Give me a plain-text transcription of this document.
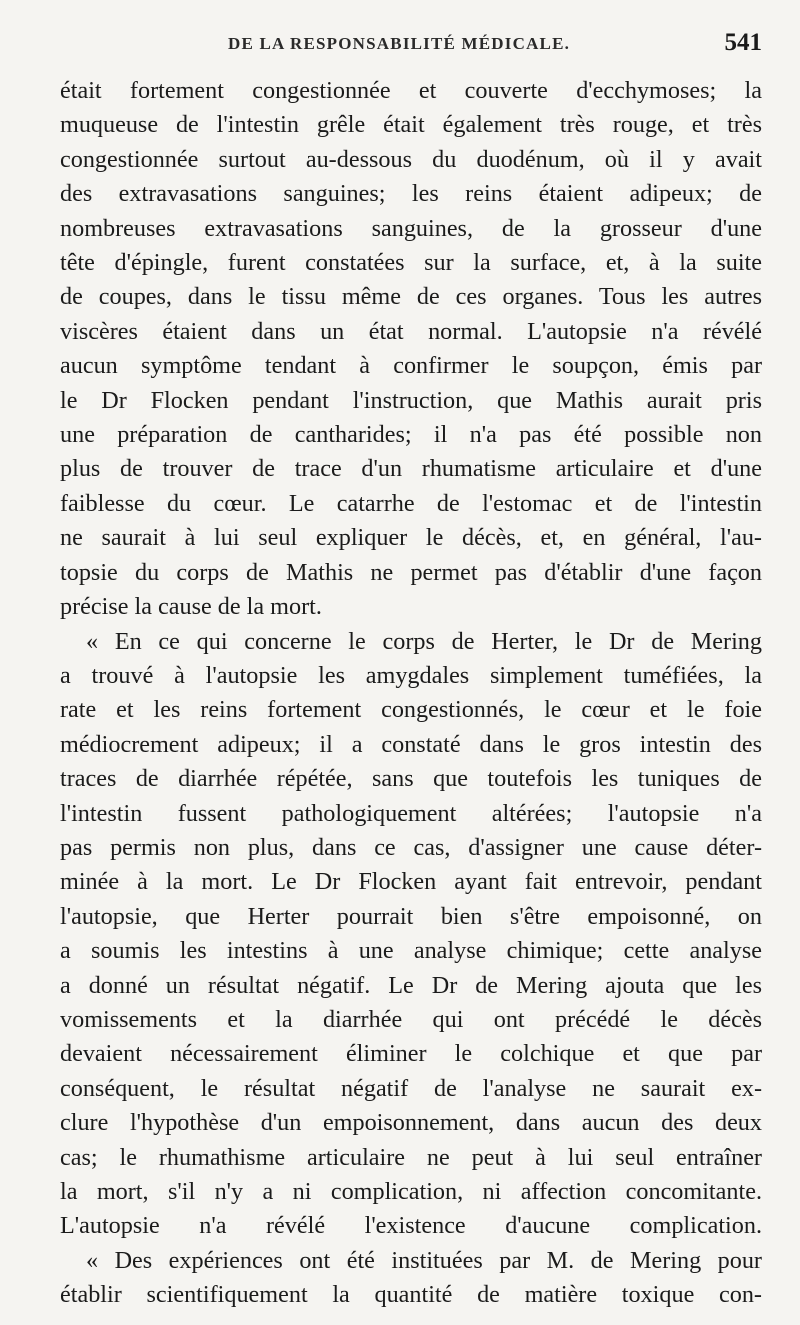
DE LA RESPONSABILITÉ MÉDICALE.	541
était fortement congestionnée et couverte d'ecchymoses; la
muqueuse de l'intestin grêle était également très rouge, et très
congestionnée surtout au-dessous du duodénum, où il y avait
des extravasations sanguines; les reins étaient adipeux; de
nombreuses extravasations sanguines, de la grosseur d'une
tête d'épingle, furent constatées sur la surface, et, à la suite
de coupes, dans le tissu même de ces organes. Tous les autres
viscères étaient dans un état normal. L'autopsie n'a révélé
aucun symptôme tendant à confirmer le soupçon, émis par
le Dr Flocken pendant l'instruction, que Mathis aurait pris
une préparation de cantharides; il n'a pas été possible non
plus de trouver de trace d'un rhumatisme articulaire et d'une
faiblesse du cœur. Le catarrhe de l'estomac et de l'intestin
ne saurait à lui seul expliquer le décès, et, en général, l'au-
topsie du corps de Mathis ne permet pas d'établir d'une façon
précise la cause de la mort.
« En ce qui concerne le corps de Herter, le Dr de Mering
a trouvé à l'autopsie les amygdales simplement tuméfiées, la
rate et les reins fortement congestionnés, le cœur et le foie
médiocrement adipeux; il a constaté dans le gros intestin des
traces de diarrhée répétée, sans que toutefois les tuniques de
l'intestin fussent pathologiquement altérées; l'autopsie n'a
pas permis non plus, dans ce cas, d'assigner une cause déter-
minée à la mort. Le Dr Flocken ayant fait entrevoir, pendant
l'autopsie, que Herter pourrait bien s'être empoisonné, on
a soumis les intestins à une analyse chimique; cette analyse
a donné un résultat négatif. Le Dr de Mering ajouta que les
vomissements et la diarrhée qui ont précédé le décès
devaient nécessairement éliminer le colchique et que par
conséquent, le résultat négatif de l'analyse ne saurait ex-
clure l'hypothèse d'un empoisonnement, dans aucun des deux
cas; le rhumathisme articulaire ne peut à lui seul entraîner
la mort, s'il n'y a ni complication, ni affection concomitante.
L'autopsie n'a révélé l'existence d'aucune complication.
« Des expériences ont été instituées par M. de Mering pour
établir scientifiquement la quantité de matière toxique con-
